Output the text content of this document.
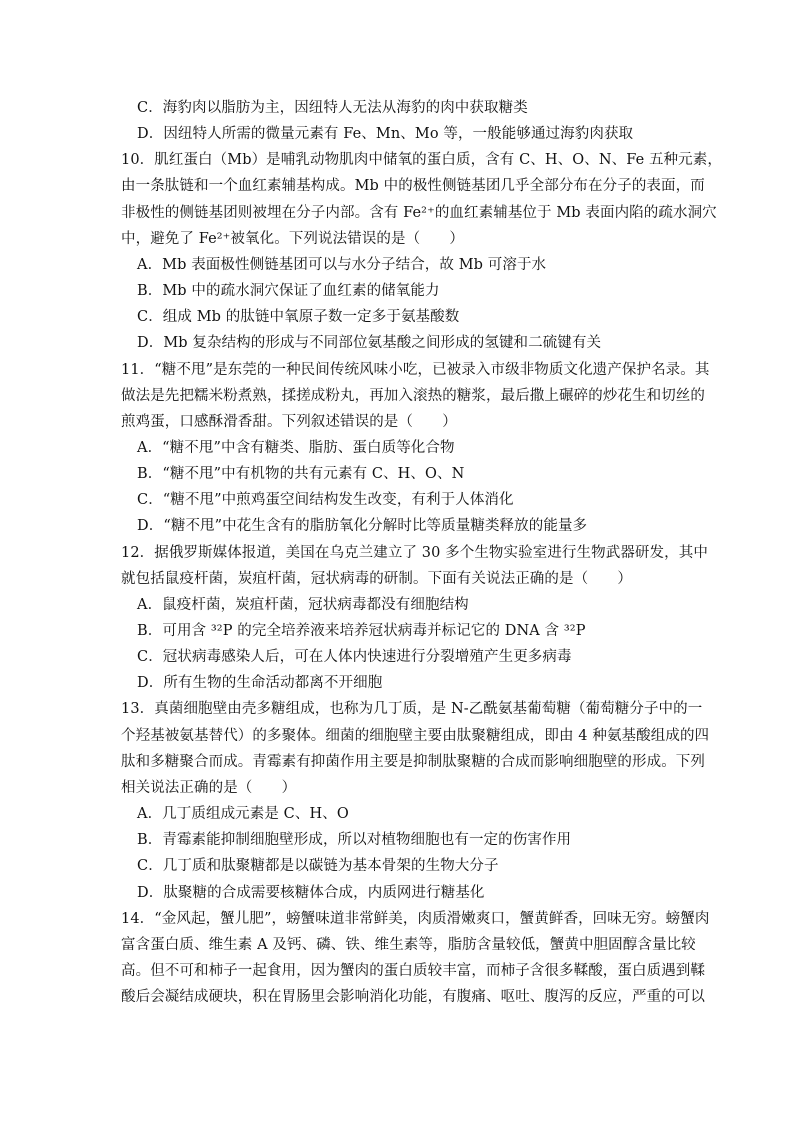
C．海豹肉以脂肪为主，因纽特人无法从海豹的肉中获取糖类
D．因纽特人所需的微量元素有 Fe、Mn、Mo 等，一般能够通过海豹肉获取
10．肌红蛋白（Mb）是哺乳动物肌肉中储氧的蛋白质，含有 C、H、O、N、Fe 五种元素，
由一条肽链和一个血红素辅基构成。Mb 中的极性侧链基团几乎全部分布在分子的表面，而
非极性的侧链基团则被埋在分子内部。含有 Fe²⁺的血红素辅基位于 Mb 表面内陷的疏水洞穴
中，避免了 Fe²⁺被氧化。下列说法错误的是（　　）
A．Mb 表面极性侧链基团可以与水分子结合，故 Mb 可溶于水
B．Mb 中的疏水洞穴保证了血红素的储氧能力
C．组成 Mb 的肽链中氧原子数一定多于氨基酸数
D．Mb 复杂结构的形成与不同部位氨基酸之间形成的氢键和二硫键有关
11．“糖不甩”是东莞的一种民间传统风味小吃，已被录入市级非物质文化遗产保护名录。其
做法是先把糯米粉煮熟，揉搓成粉丸，再加入滚热的糖浆，最后撒上碾碎的炒花生和切丝的
煎鸡蛋，口感酥滑香甜。下列叙述错误的是（　　）
A．“糖不甩”中含有糖类、脂肪、蛋白质等化合物
B．“糖不甩”中有机物的共有元素有 C、H、O、N
C．“糖不甩”中煎鸡蛋空间结构发生改变，有利于人体消化
D．“糖不甩”中花生含有的脂肪氧化分解时比等质量糖类释放的能量多
12．据俄罗斯媒体报道，美国在乌克兰建立了 30 多个生物实验室进行生物武器研发，其中
就包括鼠疫杆菌，炭疽杆菌，冠状病毒的研制。下面有关说法正确的是（　　）
A．鼠疫杆菌，炭疽杆菌，冠状病毒都没有细胞结构
B．可用含 ³²P 的完全培养液来培养冠状病毒并标记它的 DNA 含 ³²P
C．冠状病毒感染人后，可在人体内快速进行分裂增殖产生更多病毒
D．所有生物的生命活动都离不开细胞
13．真菌细胞壁由壳多糖组成，也称为几丁质，是 N-乙酰氨基葡萄糖（葡萄糖分子中的一
个羟基被氨基替代）的多聚体。细菌的细胞壁主要由肽聚糖组成，即由 4 种氨基酸组成的四
肽和多糖聚合而成。青霉素有抑菌作用主要是抑制肽聚糖的合成而影响细胞壁的形成。下列
相关说法正确的是（　　）
A．几丁质组成元素是 C、H、O
B．青霉素能抑制细胞壁形成，所以对植物细胞也有一定的伤害作用
C．几丁质和肽聚糖都是以碳链为基本骨架的生物大分子
D．肽聚糖的合成需要核糖体合成，内质网进行糖基化
14．“金风起，蟹儿肥”，螃蟹味道非常鲜美，肉质滑嫩爽口，蟹黄鲜香，回味无穷。螃蟹肉
富含蛋白质、维生素 A 及钙、磷、铁、维生素等，脂肪含量较低，蟹黄中胆固醇含量比较
高。但不可和柿子一起食用，因为蟹肉的蛋白质较丰富，而柿子含很多鞣酸，蛋白质遇到鞣
酸后会凝结成硬块，积在胃肠里会影响消化功能，有腹痛、呕吐、腹泻的反应，严重的可以
